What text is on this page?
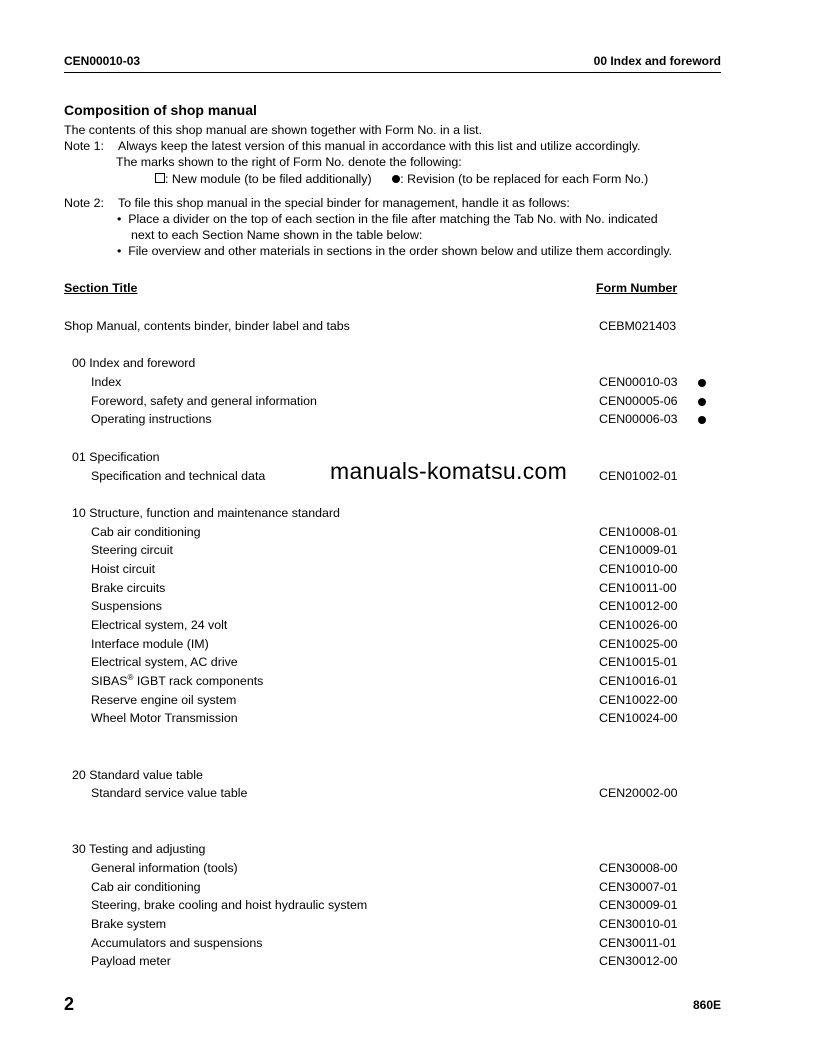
CEN00010-03	00 Index and foreword
Composition of shop manual
The contents of this shop manual are shown together with Form No. in a list.
Note 1: Always keep the latest version of this manual in accordance with this list and utilize accordingly.
The marks shown to the right of Form No. denote the following:
: New module (to be filed additionally) : Revision (to be replaced for each Form No.)
Note 2: To file this shop manual in the special binder for management, handle it as follows:
•  Place a divider on the top of each section in the file after matching the Tab No. with No. indicated
next to each Section Name shown in the table below:
•  File overview and other materials in sections in the order shown below and utilize them accordingly.
manuals-komatsu.com
Section Title	Form Number
Shop Manual, contents binder, binder label and tabs	CEBM021403
00 Index and foreword
Index	CEN00010-03
Foreword, safety and general information	CEN00005-06
Operating instructions	CEN00006-03
01 Specification
Specification and technical data	CEN01002-01
10 Structure, function and maintenance standard
Cab air conditioning	CEN10008-01
Steering circuit	CEN10009-01
Hoist circuit	CEN10010-00
Brake circuits	CEN10011-00
Suspensions	CEN10012-00
Electrical system, 24 volt	CEN10026-00
Interface module (IM)	CEN10025-00
Electrical system, AC drive	CEN10015-01
SIBAS® IGBT rack components	CEN10016-01
Reserve engine oil system	CEN10022-00
Wheel Motor Transmission	CEN10024-00
20 Standard value table
Standard service value table	CEN20002-00
30 Testing and adjusting
General information (tools)	CEN30008-00
Cab air conditioning	CEN30007-01
Steering, brake cooling and hoist hydraulic system	CEN30009-01
Brake system	CEN30010-01
Accumulators and suspensions	CEN30011-01
Payload meter	CEN30012-00
2	860E
